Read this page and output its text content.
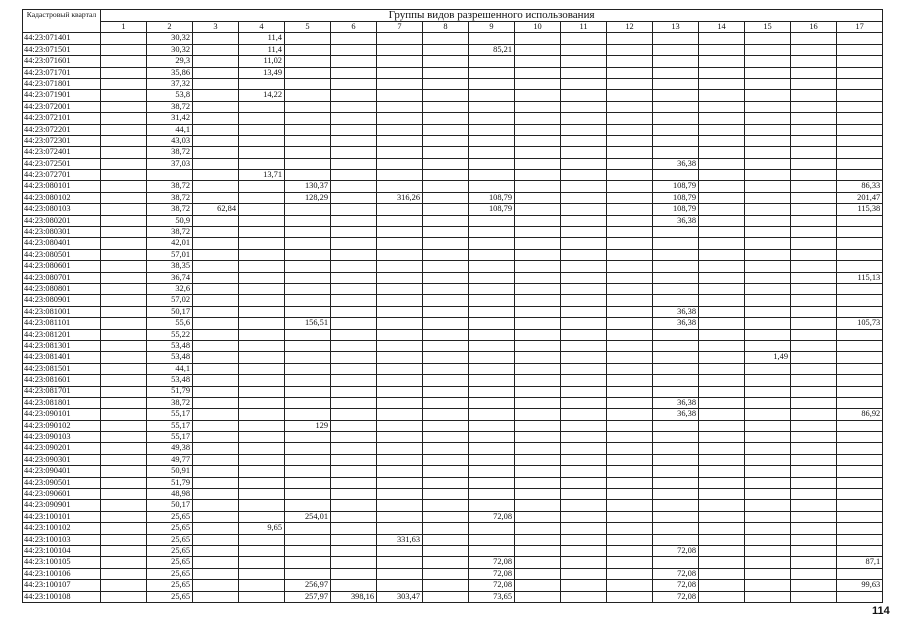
Кадастровый квартал	Группы видов разрешенного использования																
	1	2	3	4	5	6	7	8	9	10	11	12	13	14	15	16	17
44:23:071401		30,32		11,4													
44:23:071501		30,32		11,4					85,21								
44:23:071601		29,3		11,02													
44:23:071701		35,86		13,49													
44:23:071801		37,32															
44:23:071901		53,8		14,22													
44:23:072001		38,72															
44:23:072101		31,42															
44:23:072201		44,1															
44:23:072301		43,03															
44:23:072401		38,72															
44:23:072501		37,03											36,38				
44:23:072701				13,71													
44:23:080101		38,72			130,37								108,79				86,33
44:23:080102		38,72			128,29		316,26		108,79				108,79				201,47
44:23:080103		38,72	62,84						108,79				108,79				115,38
44:23:080201		50,9											36,38				
44:23:080301		38,72															
44:23:080401		42,01															
44:23:080501		57,01															
44:23:080601		38,35															
44:23:080701		36,74															115,13
44:23:080801		32,6															
44:23:080901		57,02															
44:23:081001		50,17											36,38				
44:23:081101		55,6			156,51								36,38				105,73
44:23:081201		55,22															
44:23:081301		53,48															
44:23:081401		53,48													1,49		
44:23:081501		44,1															
44:23:081601		53,48															
44:23:081701		51,79															
44:23:081801		38,72											36,38				
44:23:090101		55,17											36,38				86,92
44:23:090102		55,17			129												
44:23:090103		55,17															
44:23:090201		49,38															
44:23:090301		49,77															
44:23:090401		50,91															
44:23:090501		51,79															
44:23:090601		48,98															
44:23:090901		50,17															
44:23:100101		25,65			254,01				72,08								
44:23:100102		25,65		9,65													
44:23:100103		25,65					331,63										
44:23:100104		25,65											72,08				
44:23:100105		25,65							72,08								87,1
44:23:100106		25,65							72,08				72,08				
44:23:100107		25,65			256,97				72,08				72,08				99,63
44:23:100108		25,65			257,97	398,16	303,47		73,65				72,08				
114
